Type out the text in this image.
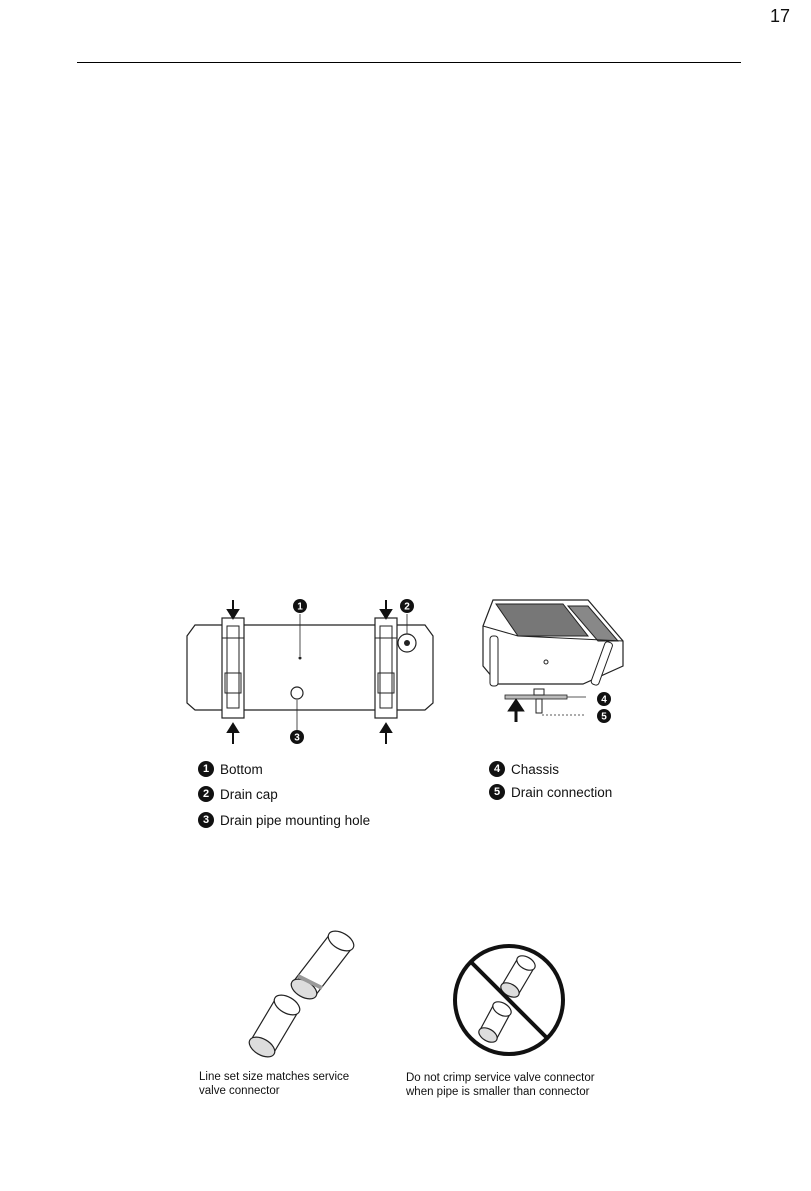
17
1	2
3
4
5
1 Bottom
2 Drain cap
3 Drain pipe mounting hole
4 Chassis
5 Drain connection
Line set size matches service
valve connector
Do not crimp service valve connector
when pipe is smaller than connector
